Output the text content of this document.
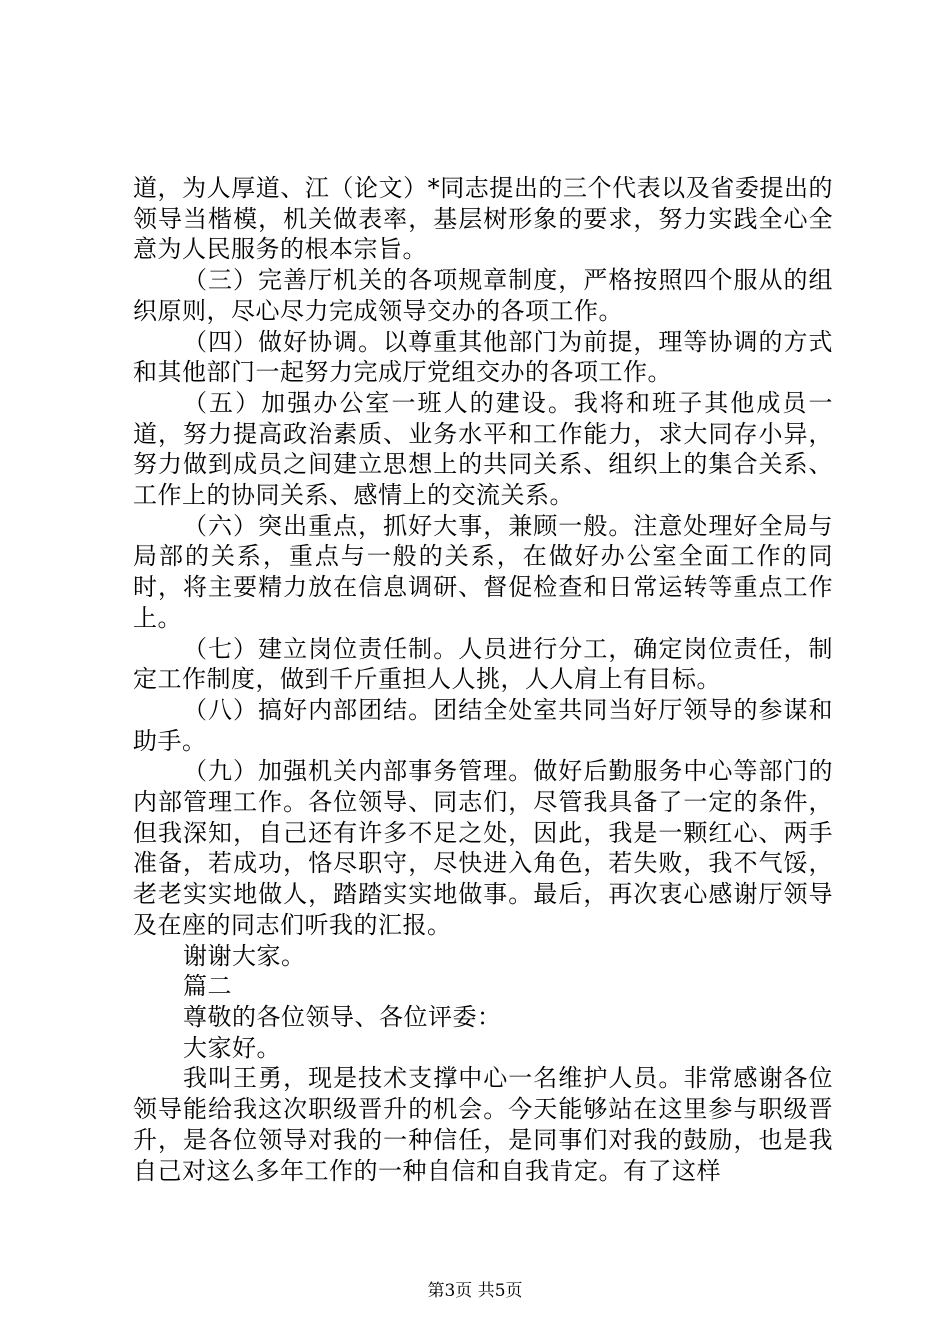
道，为人厚道、江（论文）*同志提出的三个代表以及省委提出的领导当楷模，机关做表率，基层树形象的要求，努力实践全心全意为人民服务的根本宗旨。

（三）完善厅机关的各项规章制度，严格按照四个服从的组织原则，尽心尽力完成领导交办的各项工作。

（四）做好协调。以尊重其他部门为前提，理等协调的方式和其他部门一起努力完成厅党组交办的各项工作。

（五）加强办公室一班人的建设。我将和班子其他成员一道，努力提高政治素质、业务水平和工作能力，求大同存小异，努力做到成员之间建立思想上的共同关系、组织上的集合关系、工作上的协同关系、感情上的交流关系。

（六）突出重点，抓好大事，兼顾一般。注意处理好全局与局部的关系，重点与一般的关系，在做好办公室全面工作的同时，将主要精力放在信息调研、督促检查和日常运转等重点工作上。

（七）建立岗位责任制。人员进行分工，确定岗位责任，制定工作制度，做到千斤重担人人挑，人人肩上有目标。

（八）搞好内部团结。团结全处室共同当好厅领导的参谋和助手。

（九）加强机关内部事务管理。做好后勤服务中心等部门的内部管理工作。各位领导、同志们，尽管我具备了一定的条件，但我深知，自己还有许多不足之处，因此，我是一颗红心、两手准备，若成功，恪尽职守，尽快进入角色，若失败，我不气馁，老老实实地做人，踏踏实实地做事。最后，再次衷心感谢厅领导及在座的同志们听我的汇报。

谢谢大家。

篇二

尊敬的各位领导、各位评委：

大家好。

我叫王勇，现是技术支撑中心一名维护人员。非常感谢各位领导能给我这次职级晋升的机会。今天能够站在这里参与职级晋升，是各位领导对我的一种信任，是同事们对我的鼓励，也是我自己对这么多年工作的一种自信和自我肯定。有了这样

第3页 共5页
